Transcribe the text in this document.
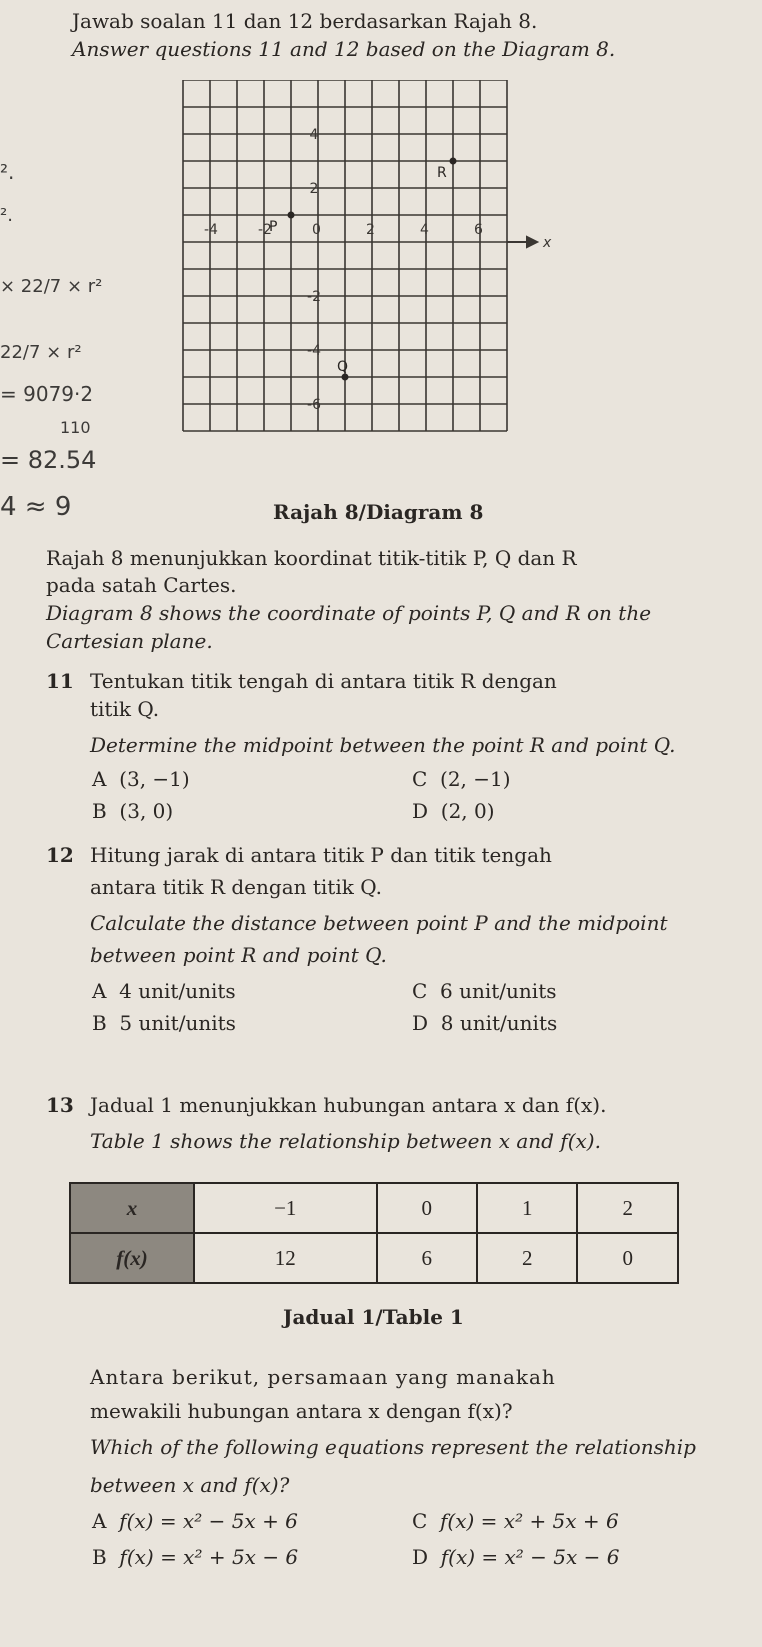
Jawab soalan 11 dan 12 berdasarkan Rajah 8.
Answer questions 11 and 12 based on the Diagram 8.
².
².
× 22/7 × r²
22/7 × r²
= 9079·2
110
= 82.54
4 ≈ 9
x
-4	-2	0	2	4	6
4
2
-2
-4
-6
P
R
Q
Rajah 8/Diagram 8
Rajah 8 menunjukkan koordinat titik-titik P, Q dan R
pada satah Cartes.
Diagram 8 shows the coordinate of points P, Q and R on the
Cartesian plane.
11 Tentukan titik tengah di antara titik R dengan
titik Q.
Determine the midpoint between the point R and point Q.
A (3, −1)
B (3, 0)
C (2, −1)
D (2, 0)
12 Hitung jarak di antara titik P dan titik tengah
antara titik R dengan titik Q.
Calculate the distance between point P and the midpoint
between point R and point Q.
A 4 unit/units
B 5 unit/units
C 6 unit/units
D 8 unit/units
13 Jadual 1 menunjukkan hubungan antara x dan f(x).
Table 1 shows the relationship between x and f(x).
x	−1	0	1	2
f(x)	12	6	2	0
Jadual 1/Table 1
Antara berikut, persamaan yang manakah
mewakili hubungan antara x dengan f(x)?
Which of the following equations represent the relationship
between x and f(x)?
A f(x) = x² − 5x + 6
B f(x) = x² + 5x − 6
C f(x) = x² + 5x + 6
D f(x) = x² − 5x − 6
